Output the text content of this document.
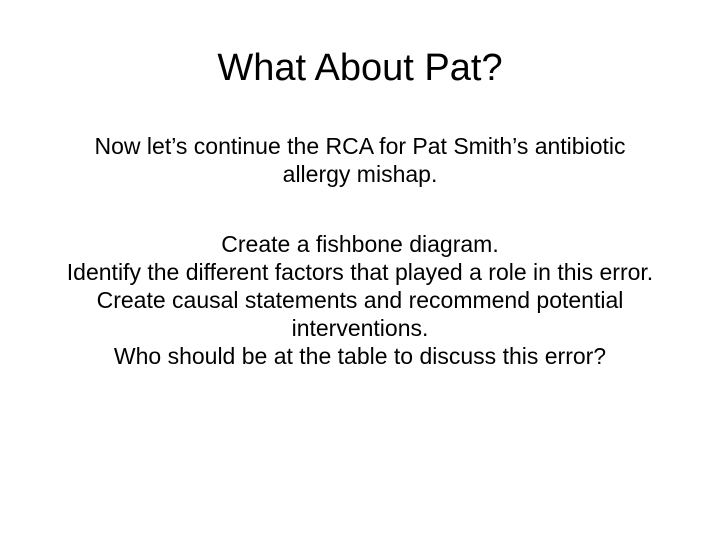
What About Pat?

Now let’s continue the RCA for Pat Smith’s antibiotic allergy mishap.

Create a fishbone diagram.
Identify the different factors that played a role in this error.
Create causal statements and recommend potential interventions.
Who should be at the table to discuss this error?
